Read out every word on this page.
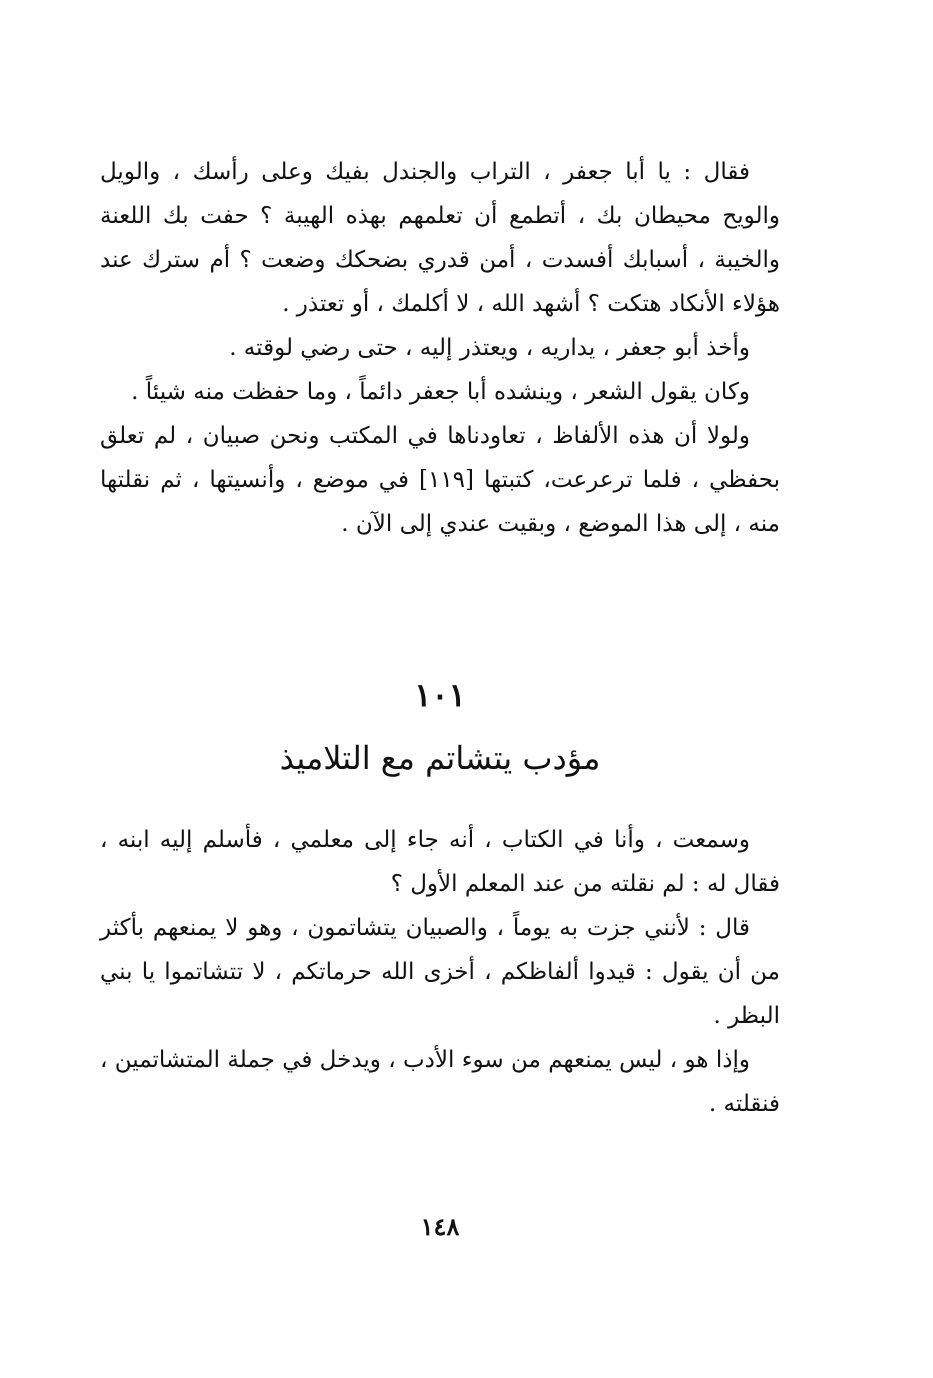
فقال : يا أبا جعفر ، التراب والجندل بفيك وعلى رأسك ، والويل والويح محيطان بك ، أتطمع أن تعلمهم بهذه الهيبة ؟ حفت بك اللعنة والخيبة ، أسبابك أفسدت ، أمن قدري بضحكك وضعت ؟ أم سترك عند هؤلاء الأنكاد هتكت ؟ أشهد الله ، لا أكلمك ، أو تعتذر .

وأخذ أبو جعفر ، يداريه ، ويعتذر إليه ، حتى رضي لوقته .

وكان يقول الشعر ، وينشده أبا جعفر دائماً ، وما حفظت منه شيئاً .

ولولا أن هذه الألفاظ ، تعاودناها في المكتب ونحن صبيان ، لم تعلق بحفظي ، فلما ترعرعت، كتبتها [١١٩] في موضع ، وأنسيتها ، ثم نقلتها منه ، إلى هذا الموضع ، وبقيت عندي إلى الآن .

١٠١
مؤدب يتشاتم مع التلاميذ

وسمعت ، وأنا في الكتاب ، أنه جاء إلى معلمي ، فأسلم إليه ابنه ، فقال له : لم نقلته من عند المعلم الأول ؟

قال : لأنني جزت به يوماً ، والصبيان يتشاتمون ، وهو لا يمنعهم بأكثر من أن يقول : قيدوا ألفاظكم ، أخزى الله حرماتكم ، لا تتشاتموا يا بني البظر .

وإذا هو ، ليس يمنعهم من سوء الأدب ، ويدخل في جملة المتشاتمين ، فنقلته .

١٤٨
